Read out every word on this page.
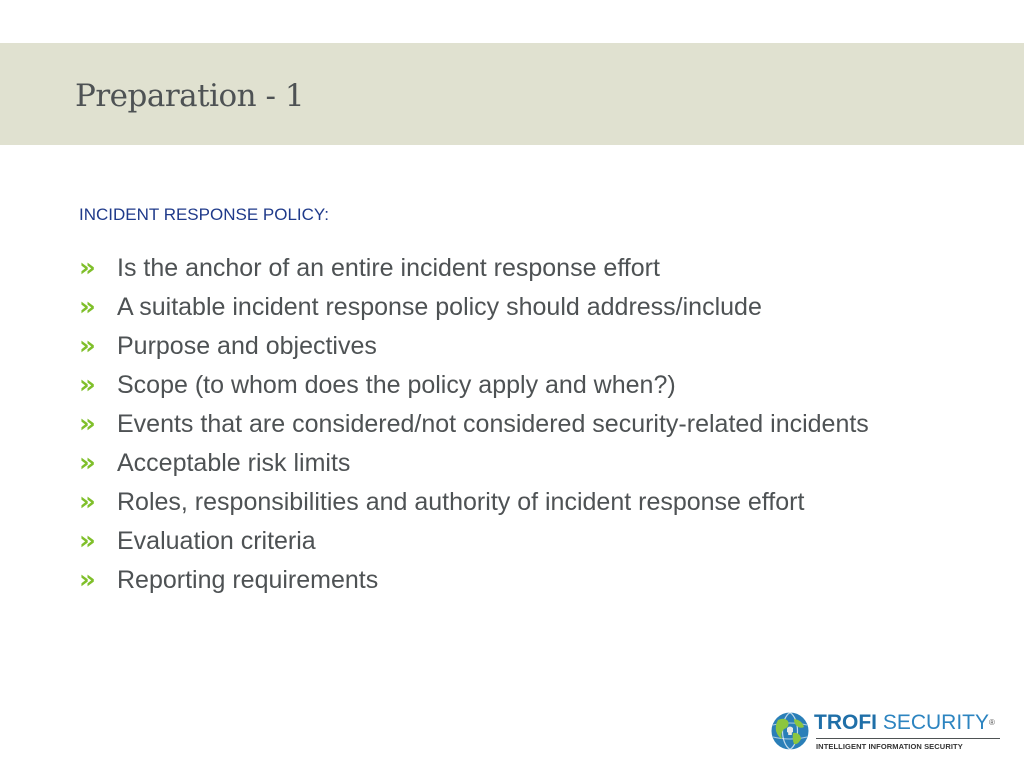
Preparation - 1
INCIDENT RESPONSE POLICY:
» Is the anchor of an entire incident response effort
» A suitable incident response policy should address/include
» Purpose and objectives
» Scope (to whom does the policy apply and when?)
» Events that are considered/not considered security-related incidents
» Acceptable risk limits
» Roles, responsibilities and authority of incident response effort
» Evaluation criteria
» Reporting requirements
TROFI SECURITY®
INTELLIGENT INFORMATION SECURITY
